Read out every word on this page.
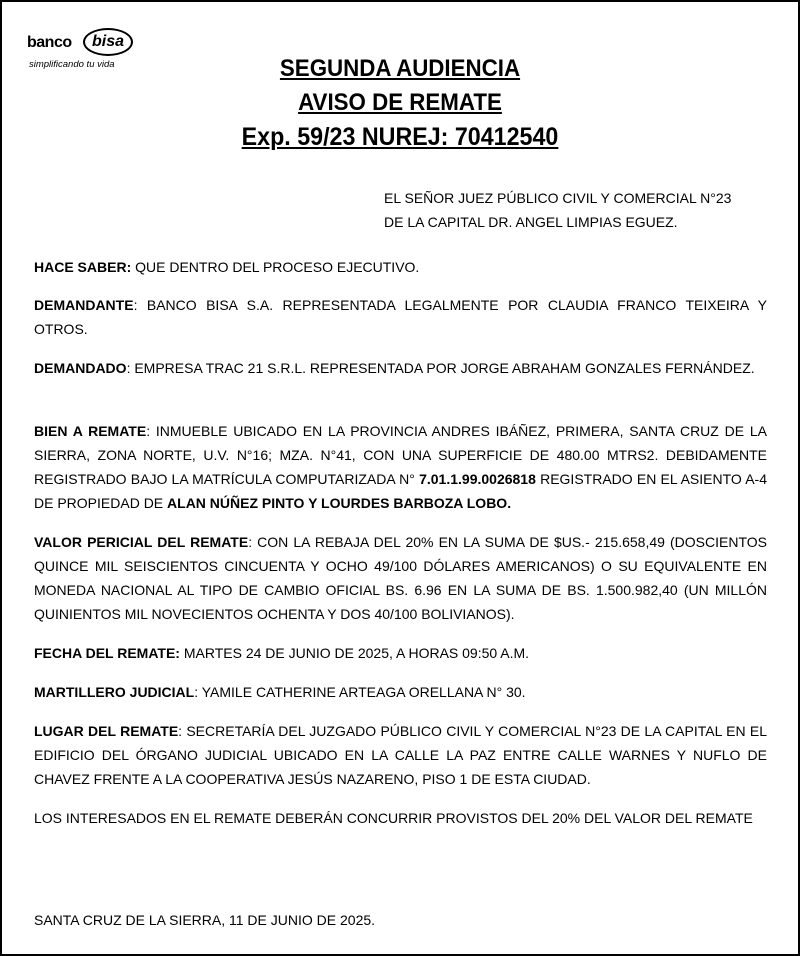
banco	bisa
simplificando tu vida	SEGUNDA AUDIENCIA
AVISO DE REMATE
Exp. 59/23 NUREJ: 70412540

EL SEÑOR JUEZ PÚBLICO CIVIL Y COMERCIAL N°23
DE LA CAPITAL DR. ANGEL LIMPIAS EGUEZ.

HACE SABER: QUE DENTRO DEL PROCESO EJECUTIVO.

DEMANDANTE: BANCO BISA S.A. REPRESENTADA LEGALMENTE POR CLAUDIA FRANCO TEIXEIRA Y OTROS.

DEMANDADO: EMPRESA TRAC 21 S.R.L. REPRESENTADA POR JORGE ABRAHAM GONZALES FERNÁNDEZ.

BIEN A REMATE: INMUEBLE UBICADO EN LA PROVINCIA ANDRES IBÁÑEZ, PRIMERA, SANTA CRUZ DE LA SIERRA, ZONA NORTE, U.V. N°16; MZA. N°41, CON UNA SUPERFICIE DE 480.00 MTRS2. DEBIDAMENTE REGISTRADO BAJO LA MATRÍCULA COMPUTARIZADA N° 7.01.1.99.0026818 REGISTRADO EN EL ASIENTO A-4 DE PROPIEDAD DE ALAN NÚÑEZ PINTO Y LOURDES BARBOZA LOBO.

VALOR PERICIAL DEL REMATE: CON LA REBAJA DEL 20% EN LA SUMA DE $US.- 215.658,49 (DOSCIENTOS QUINCE MIL SEISCIENTOS CINCUENTA Y OCHO 49/100 DÓLARES AMERICANOS) O SU EQUIVALENTE EN MONEDA NACIONAL AL TIPO DE CAMBIO OFICIAL BS. 6.96 EN LA SUMA DE BS. 1.500.982,40 (UN MILLÓN QUINIENTOS MIL NOVECIENTOS OCHENTA Y DOS 40/100 BOLIVIANOS).

FECHA DEL REMATE: MARTES 24 DE JUNIO DE 2025, A HORAS 09:50 A.M.

MARTILLERO JUDICIAL: YAMILE CATHERINE ARTEAGA ORELLANA N° 30.

LUGAR DEL REMATE: SECRETARÍA DEL JUZGADO PÚBLICO CIVIL Y COMERCIAL N°23 DE LA CAPITAL EN EL EDIFICIO DEL ÓRGANO JUDICIAL UBICADO EN LA CALLE LA PAZ ENTRE CALLE WARNES Y NUFLO DE CHAVEZ FRENTE A LA COOPERATIVA JESÚS NAZARENO, PISO 1 DE ESTA CIUDAD.

LOS INTERESADOS EN EL REMATE DEBERÁN CONCURRIR PROVISTOS DEL 20% DEL VALOR DEL REMATE

SANTA CRUZ DE LA SIERRA, 11 DE JUNIO DE 2025.
